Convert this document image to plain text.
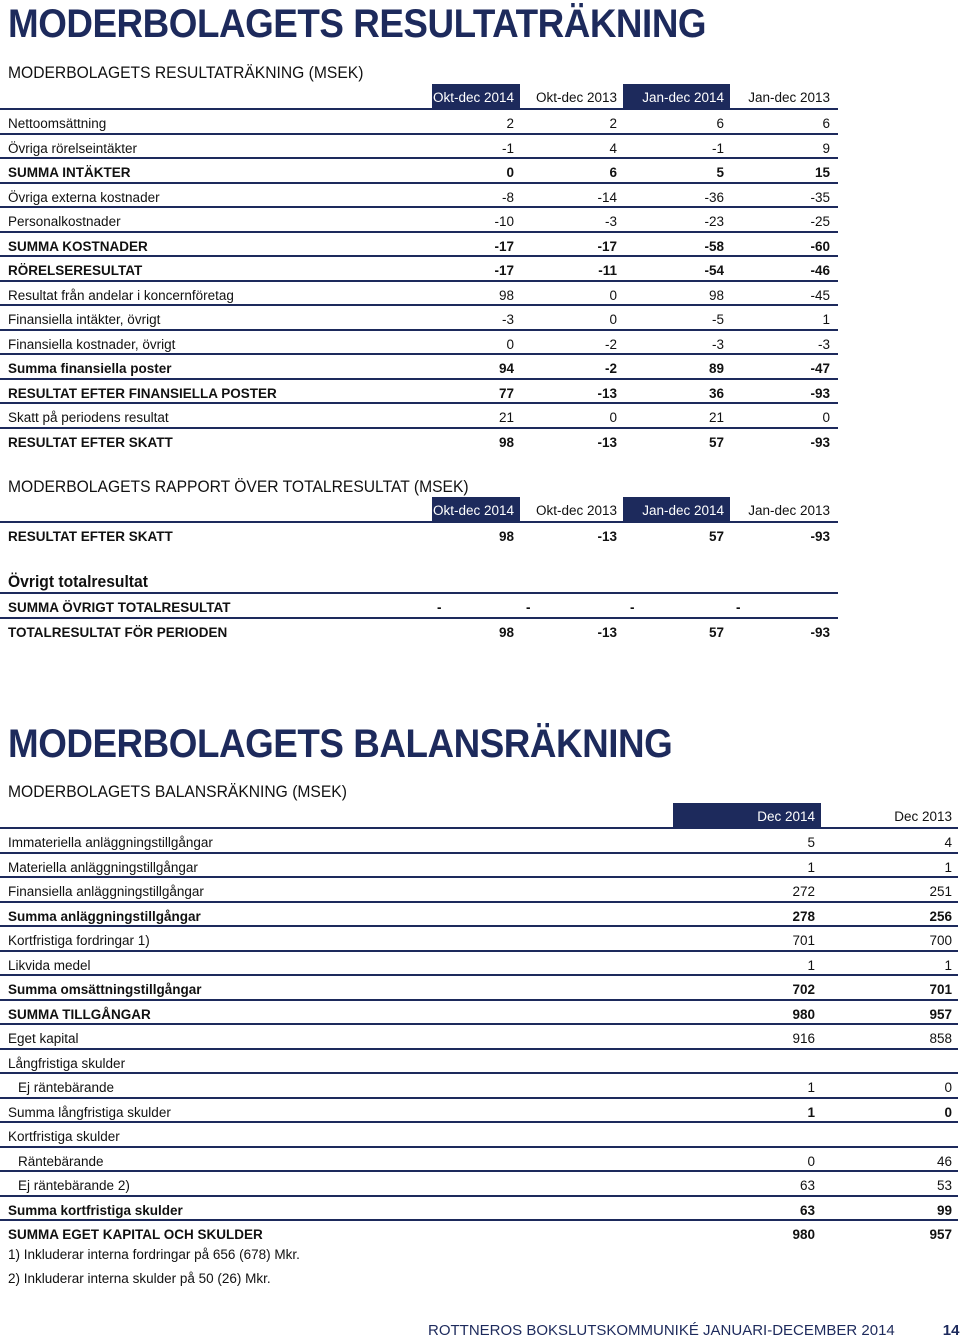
MODERBOLAGETS RESULTATRÄKNING
MODERBOLAGETS RESULTATRÄKNING (MSEK)
Okt-dec 2014	Okt-dec 2013	Jan-dec 2014	Jan-dec 2013
Nettoomsättning	2	2	6	6
Övriga rörelseintäkter	-1	4	-1	9
SUMMA INTÄKTER	0	6	5	15
Övriga externa kostnader	-8	-14	-36	-35
Personalkostnader	-10	-3	-23	-25
SUMMA KOSTNADER	-17	-17	-58	-60
RÖRELSERESULTAT	-17	-11	-54	-46
Resultat från andelar i koncernföretag	98	0	98	-45
Finansiella intäkter, övrigt	-3	0	-5	1
Finansiella kostnader, övrigt	0	-2	-3	-3
Summa finansiella poster	94	-2	89	-47
RESULTAT EFTER FINANSIELLA POSTER	77	-13	36	-93
Skatt på periodens resultat	21	0	21	0
RESULTAT EFTER SKATT	98	-13	57	-93
MODERBOLAGETS RAPPORT ÖVER TOTALRESULTAT (MSEK)
Okt-dec 2014	Okt-dec 2013	Jan-dec 2014	Jan-dec 2013
RESULTAT EFTER SKATT	98	-13	57	-93
Övrigt totalresultat
SUMMA ÖVRIGT TOTALRESULTAT	-	-	-	-
TOTALRESULTAT FÖR PERIODEN	98	-13	57	-93
MODERBOLAGETS BALANSRÄKNING
MODERBOLAGETS BALANSRÄKNING (MSEK)
Dec 2014	Dec 2013
Immateriella anläggningstillgångar	5	4
Materiella anläggningstillgångar	1	1
Finansiella anläggningstillgångar	272	251
Summa anläggningstillgångar	278	256
Kortfristiga fordringar 1)	701	700
Likvida medel	1	1
Summa omsättningstillgångar	702	701
SUMMA TILLGÅNGAR	980	957
Eget kapital	916	858
Långfristiga skulder
Ej räntebärande	1	0
Summa långfristiga skulder	1	0
Kortfristiga skulder
Räntebärande	0	46
Ej räntebärande 2)	63	53
Summa kortfristiga skulder	63	99
SUMMA EGET KAPITAL OCH SKULDER	980	957
1) Inkluderar interna fordringar på 656 (678) Mkr.
2) Inkluderar interna skulder på 50 (26) Mkr.
ROTTNEROS BOKSLUTSKOMMUNIKÉ JANUARI-DECEMBER 2014	14
